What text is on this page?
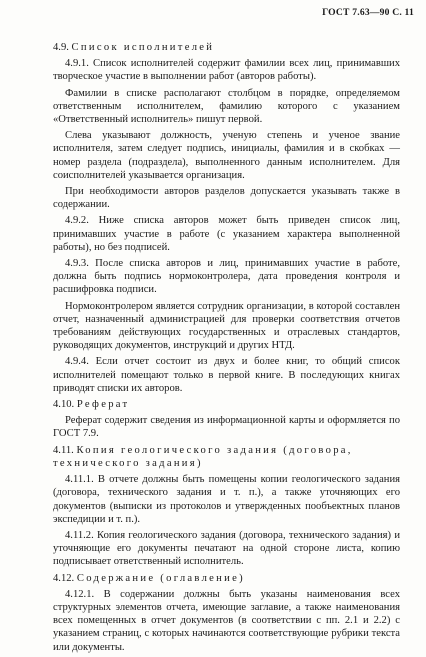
ГОСТ 7.63—90 С. 11

4.9. Список исполнителей

4.9.1. Список исполнителей содержит фамилии всех лиц, принимавших творческое участие в выполнении работ (авторов работы).

Фамилии в списке располагают столбцом в порядке, определяемом ответственным исполнителем, фамилию которого с указанием «Ответственный исполнитель» пишут первой.

Слева указывают должность, ученую степень и ученое звание исполнителя, затем следует подпись, инициалы, фамилия и в скобках — номер раздела (подраздела), выполненного данным исполнителем. Для соисполнителей указывается организация.

При необходимости авторов разделов допускается указывать также в содержании.

4.9.2. Ниже списка авторов может быть приведен список лиц, принимавших участие в работе (с указанием характера выполненной работы), но без подписей.

4.9.3. После списка авторов и лиц, принимавших участие в работе, должна быть подпись нормоконтролера, дата проведения контроля и расшифровка подписи.

Нормоконтролером является сотрудник организации, в которой составлен отчет, назначенный администрацией для проверки соответствия отчетов требованиям действующих государственных и отраслевых стандартов, руководящих документов, инструкций и других НТД.

4.9.4. Если отчет состоит из двух и более книг, то общий список исполнителей помещают только в первой книге. В последующих книгах приводят списки их авторов.

4.10. Реферат

Реферат содержит сведения из информационной карты и оформляется по ГОСТ 7.9.

4.11. Копия геологического задания (договора, технического задания)

4.11.1. В отчете должны быть помещены копии геологического задания (договора, технического задания и т. п.), а также уточняющих его документов (выписки из протоколов и утвержденных пообъектных планов экспедиции и т. п.).

4.11.2. Копия геологического задания (договора, технического задания) и уточняющие его документы печатают на одной стороне листа, копию подписывает ответственный исполнитель.

4.12. Содержание (оглавление)

4.12.1. В содержании должны быть указаны наименования всех структурных элементов отчета, имеющие заглавие, а также наименования всех помещенных в отчет документов (в соответствии с пп. 2.1 и 2.2) с указанием страниц, с которых начинаются соответствующие рубрики текста или документы.
